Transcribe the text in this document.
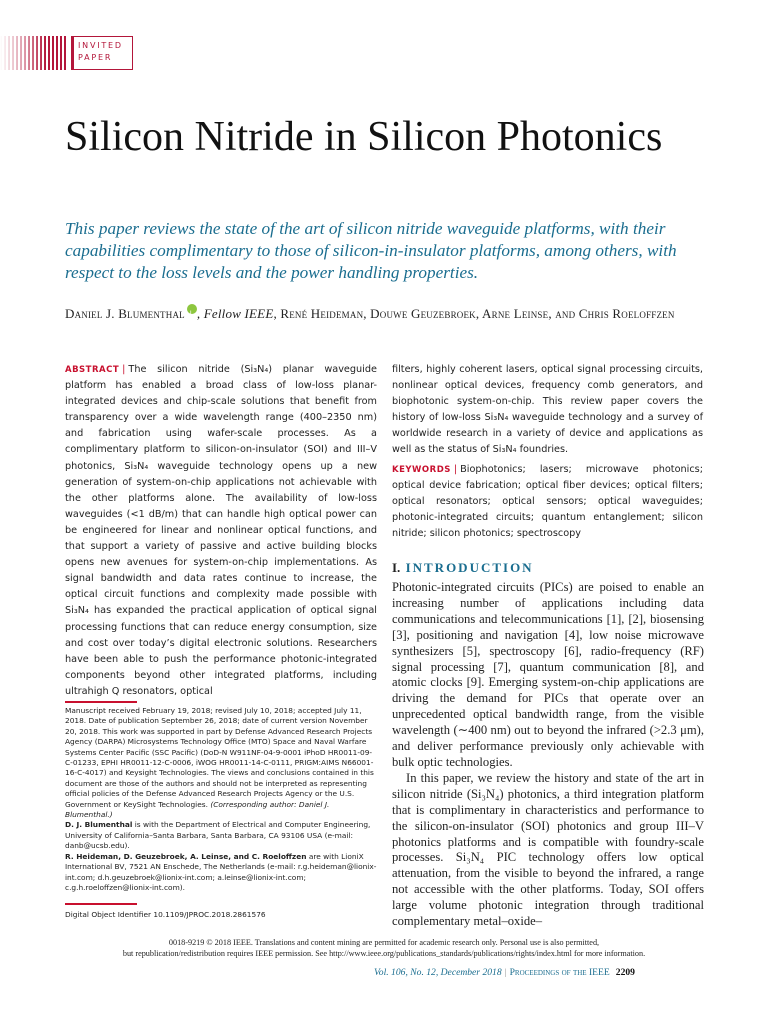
INVITED
PAPER
Silicon Nitride in Silicon Photonics

This paper reviews the state of the art of silicon nitride waveguide platforms, with their capabilities complimentary to those of silicon-in-insulator platforms, among others, with respect to the loss levels and the power handling properties.

Daniel J. Blumenthali , Fellow IEEE, René Heideman, Douwe Geuzebroek, Arne Leinse, and Chris Roeloffzen
ABSTRACT | The silicon nitride (Si₃N₄) planar waveguide platform has enabled a broad class of low-loss planar-integrated devices and chip-scale solutions that benefit from transparency over a wide wavelength range (400–2350 nm) and fabrication using wafer-scale processes. As a complimentary platform to silicon-on-insulator (SOI) and III–V photonics, Si₃N₄ waveguide technology opens up a new generation of system-on-chip applications not achievable with the other platforms alone. The availability of low-loss waveguides (<1 dB/m) that can handle high optical power can be engineered for linear and nonlinear optical functions, and that support a variety of passive and active building blocks opens new avenues for system-on-chip implementations. As signal bandwidth and data rates continue to increase, the optical circuit functions and complexity made possible with Si₃N₄ has expanded the practical application of optical signal processing functions that can reduce energy consumption, size and cost over today’s digital electronic solutions. Researchers have been able to push the performance photonic-integrated components beyond other integrated platforms, including ultrahigh Q resonators, optical
filters, highly coherent lasers, optical signal processing circuits, nonlinear optical devices, frequency comb generators, and biophotonic system-on-chip. This review paper covers the history of low-loss Si₃N₄ waveguide technology and a survey of worldwide research in a variety of device and applications as well as the status of Si₃N₄ foundries.
KEYWORDS | Biophotonics; lasers; microwave photonics; optical device fabrication; optical fiber devices; optical filters; optical resonators; optical sensors; optical waveguides; photonic-integrated circuits; quantum entanglement; silicon nitride; silicon photonics; spectroscopy
I. INTRODUCTION

Photonic-integrated circuits (PICs) are poised to enable an increasing number of applications including data communications and telecommunications [1], [2], biosensing [3], positioning and navigation [4], low noise microwave synthesizers [5], spectroscopy [6], radio-frequency (RF) signal processing [7], quantum communication [8], and atomic clocks [9]. Emerging system-on-chip applications are driving the demand for PICs that operate over an unprecedented optical bandwidth range, from the visible wavelength (∼400 nm) out to beyond the infrared (>2.3 μm), and deliver performance previously only achievable with bulk optic technologies.

In this paper, we review the history and state of the art in silicon nitride (Si₃N₄) photonics, a third integration platform that is complimentary in characteristics and performance to the silicon-on-insulator (SOI) photonics and group III–V photonics platforms and is compatible with foundry-scale processes. Si₃N₄ PIC technology offers low optical attenuation, from the visible to beyond the infrared, a range not accessible with the other platforms. Today, SOI offers large volume photonic integration through traditional complementary metal–oxide–

Manuscript received February 19, 2018; revised July 10, 2018; accepted July 11, 2018. Date of publication September 26, 2018; date of current version November 20, 2018. This work was supported in part by Defense Advanced Research Projects Agency (DARPA) Microsystems Technology Office (MTO) Space and Naval Warfare Systems Center Pacific (SSC Pacific) (DoD-N W911NF-04-9-0001 iPhoD HR0011-09-C-01233, EPHI HR0011-12-C-0006, iWOG HR0011-14-C-0111, PRIGM:AIMS N66001- 16-C-4017) and Keysight Technologies. The views and conclusions contained in this document are those of the authors and should not be interpreted as representing official policies of the Defense Advanced Research Projects Agency or the U.S. Government or KeySight Technologies. (Corresponding author: Daniel J. Blumenthal.)

D. J. Blumenthal is with the Department of Electrical and Computer Engineering, University of California–Santa Barbara, Santa Barbara, CA 93106 USA (e-mail: danb@ucsb.edu).

R. Heideman, D. Geuzebroek, A. Leinse, and C. Roeloffzen are with LioniX International BV, 7521 AN Enschede, The Netherlands (e-mail: r.g.heideman@lionix-int.com; d.h.geuzebroek@lionix-int.com; a.leinse@lionix-int.com; c.g.h.roeloffzen@lionix-int.com).

Digital Object Identifier 10.1109/JPROC.2018.2861576
0018-9219 © 2018 IEEE. Translations and content mining are permitted for academic research only. Personal use is also permitted,
but republication/redistribution requires IEEE permission. See http://www.ieee.org/publications_standards/publications/rights/index.html for more information.
Vol. 106, No. 12, December 2018 | Proceedings of the IEEE 2209
